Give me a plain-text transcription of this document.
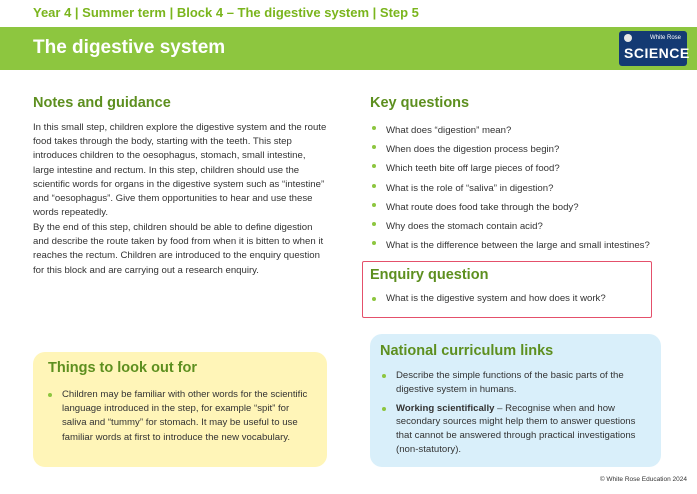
Year 4 | Summer term | Block 4 – The digestive system | Step 5
The digestive system	White Rose
SCIENCE
Notes and guidance

In this small step, children explore the digestive system and the route food takes through the body, starting with the teeth. This step introduces children to the oesophagus, stomach, small intestine, large intestine and rectum. In this step, children should use the scientific words for organs in the digestive system such as “intestine” and “oesophagus”. Give them opportunities to hear and use these words repeatedly.

By the end of this step, children should be able to define digestion and describe the route taken by food from when it is bitten to when it reaches the rectum. Children are introduced to the enquiry question for this block and are carrying out a research enquiry.

Key questions
What does “digestion” mean?
When does the digestion process begin?
Which teeth bite off large pieces of food?
What is the role of “saliva” in digestion?
What route does food take through the body?
Why does the stomach contain acid?
What is the difference between the large and small intestines?
Enquiry question
What is the digestive system and how does it work?
Things to look out for
Children may be familiar with other words for the scientific language introduced in the step, for example “spit” for saliva and “tummy” for stomach. It may be useful to use familiar words at first to introduce the new vocabulary.
National curriculum links
Describe the simple functions of the basic parts of the digestive system in humans.
Working scientifically – Recognise when and how secondary sources might help them to answer questions that cannot be answered through practical investigations (non-statutory).
© White Rose Education 2024
